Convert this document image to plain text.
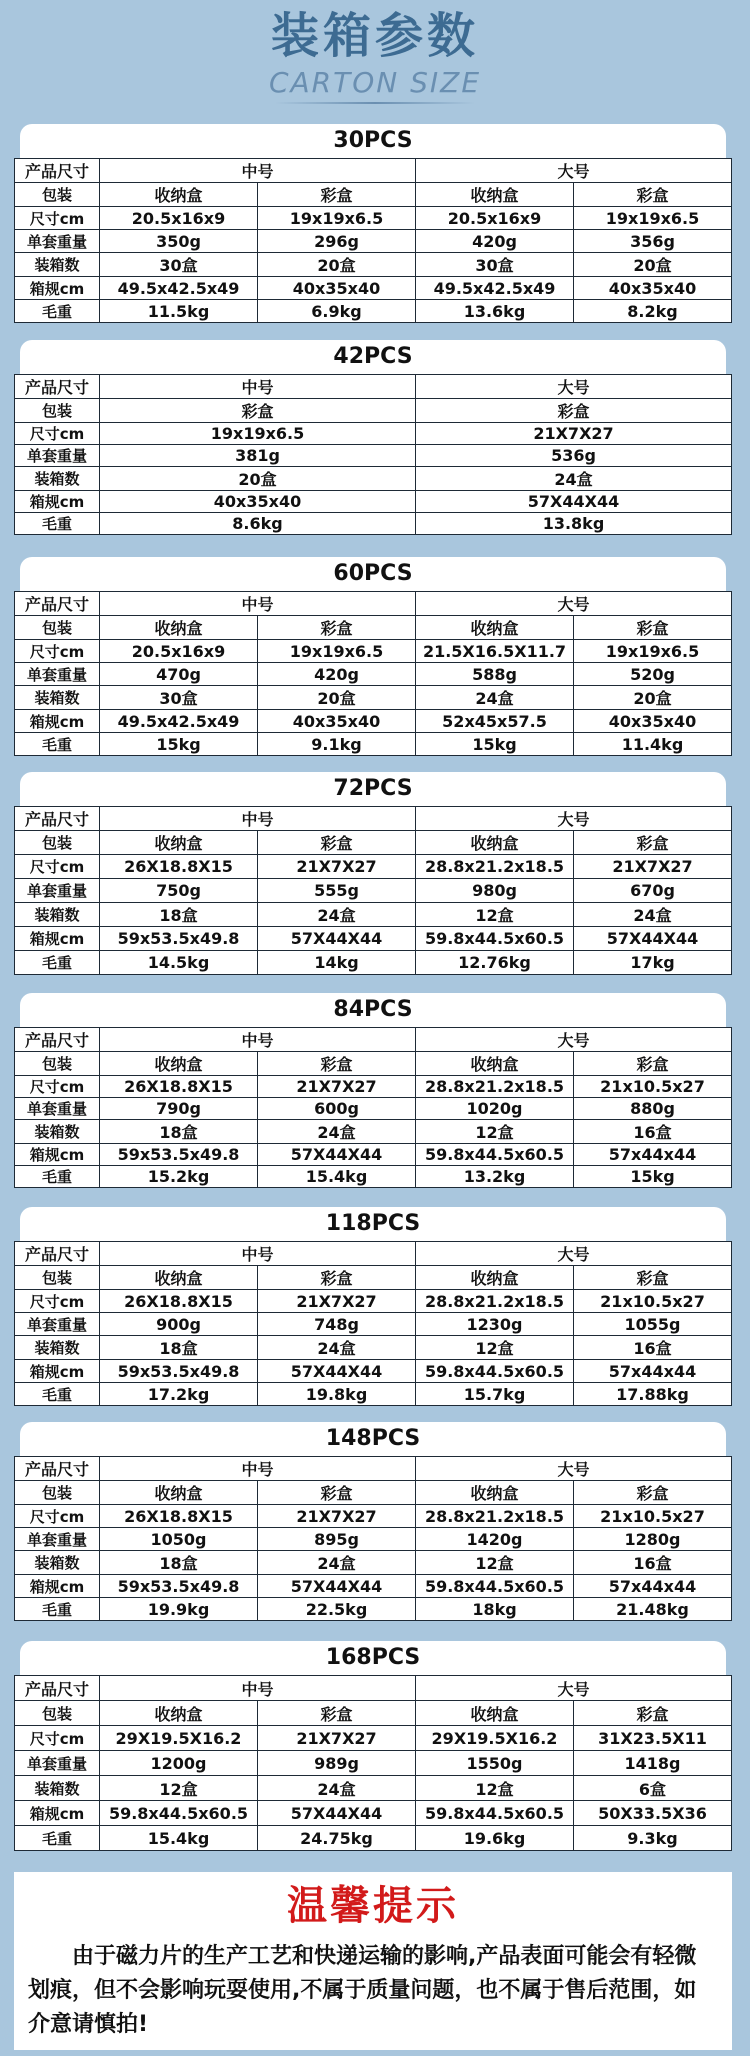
装箱参数
CARTON SIZE
30PCS
产品尺寸	中号		大号	
包装	收纳盒	彩盒	收纳盒	彩盒
尺寸cm	20.5x16x9	19x19x6.5	20.5x16x9	19x19x6.5
单套重量	350g	296g	420g	356g
装箱数	30盒	20盒	30盒	20盒
箱规cm	49.5x42.5x49	40x35x40	49.5x42.5x49	40x35x40
毛重	11.5kg	6.9kg	13.6kg	8.2kg
42PCS
产品尺寸	中号	大号
包装	彩盒	彩盒
尺寸cm	19x19x6.5	21X7X27
单套重量	381g	536g
装箱数	20盒	24盒
箱规cm	40x35x40	57X44X44
毛重	8.6kg	13.8kg
60PCS
产品尺寸	中号		大号	
包装	收纳盒	彩盒	收纳盒	彩盒
尺寸cm	20.5x16x9	19x19x6.5	21.5X16.5X11.7	19x19x6.5
单套重量	470g	420g	588g	520g
装箱数	30盒	20盒	24盒	20盒
箱规cm	49.5x42.5x49	40x35x40	52x45x57.5	40x35x40
毛重	15kg	9.1kg	15kg	11.4kg
72PCS
产品尺寸	中号		大号	
包装	收纳盒	彩盒	收纳盒	彩盒
尺寸cm	26X18.8X15	21X7X27	28.8x21.2x18.5	21X7X27
单套重量	750g	555g	980g	670g
装箱数	18盒	24盒	12盒	24盒
箱规cm	59x53.5x49.8	57X44X44	59.8x44.5x60.5	57X44X44
毛重	14.5kg	14kg	12.76kg	17kg
84PCS
产品尺寸	中号		大号	
包装	收纳盒	彩盒	收纳盒	彩盒
尺寸cm	26X18.8X15	21X7X27	28.8x21.2x18.5	21x10.5x27
单套重量	790g	600g	1020g	880g
装箱数	18盒	24盒	12盒	16盒
箱规cm	59x53.5x49.8	57X44X44	59.8x44.5x60.5	57x44x44
毛重	15.2kg	15.4kg	13.2kg	15kg
118PCS
产品尺寸	中号		大号	
包装	收纳盒	彩盒	收纳盒	彩盒
尺寸cm	26X18.8X15	21X7X27	28.8x21.2x18.5	21x10.5x27
单套重量	900g	748g	1230g	1055g
装箱数	18盒	24盒	12盒	16盒
箱规cm	59x53.5x49.8	57X44X44	59.8x44.5x60.5	57x44x44
毛重	17.2kg	19.8kg	15.7kg	17.88kg
148PCS
产品尺寸	中号		大号	
包装	收纳盒	彩盒	收纳盒	彩盒
尺寸cm	26X18.8X15	21X7X27	28.8x21.2x18.5	21x10.5x27
单套重量	1050g	895g	1420g	1280g
装箱数	18盒	24盒	12盒	16盒
箱规cm	59x53.5x49.8	57X44X44	59.8x44.5x60.5	57x44x44
毛重	19.9kg	22.5kg	18kg	21.48kg
168PCS
产品尺寸	中号		大号	
包装	收纳盒	彩盒	收纳盒	彩盒
尺寸cm	29X19.5X16.2	21X7X27	29X19.5X16.2	31X23.5X11
单套重量	1200g	989g	1550g	1418g
装箱数	12盒	24盒	12盒	6盒
箱规cm	59.8x44.5x60.5	57X44X44	59.8x44.5x60.5	50X33.5X36
毛重	15.4kg	24.75kg	19.6kg	9.3kg
温馨提示
由于磁力片的生产工艺和快递运输的影响,产品表面可能会有轻微划痕，但不会影响玩耍使用,不属于质量问题，也不属于售后范围，如介意请慎拍!
